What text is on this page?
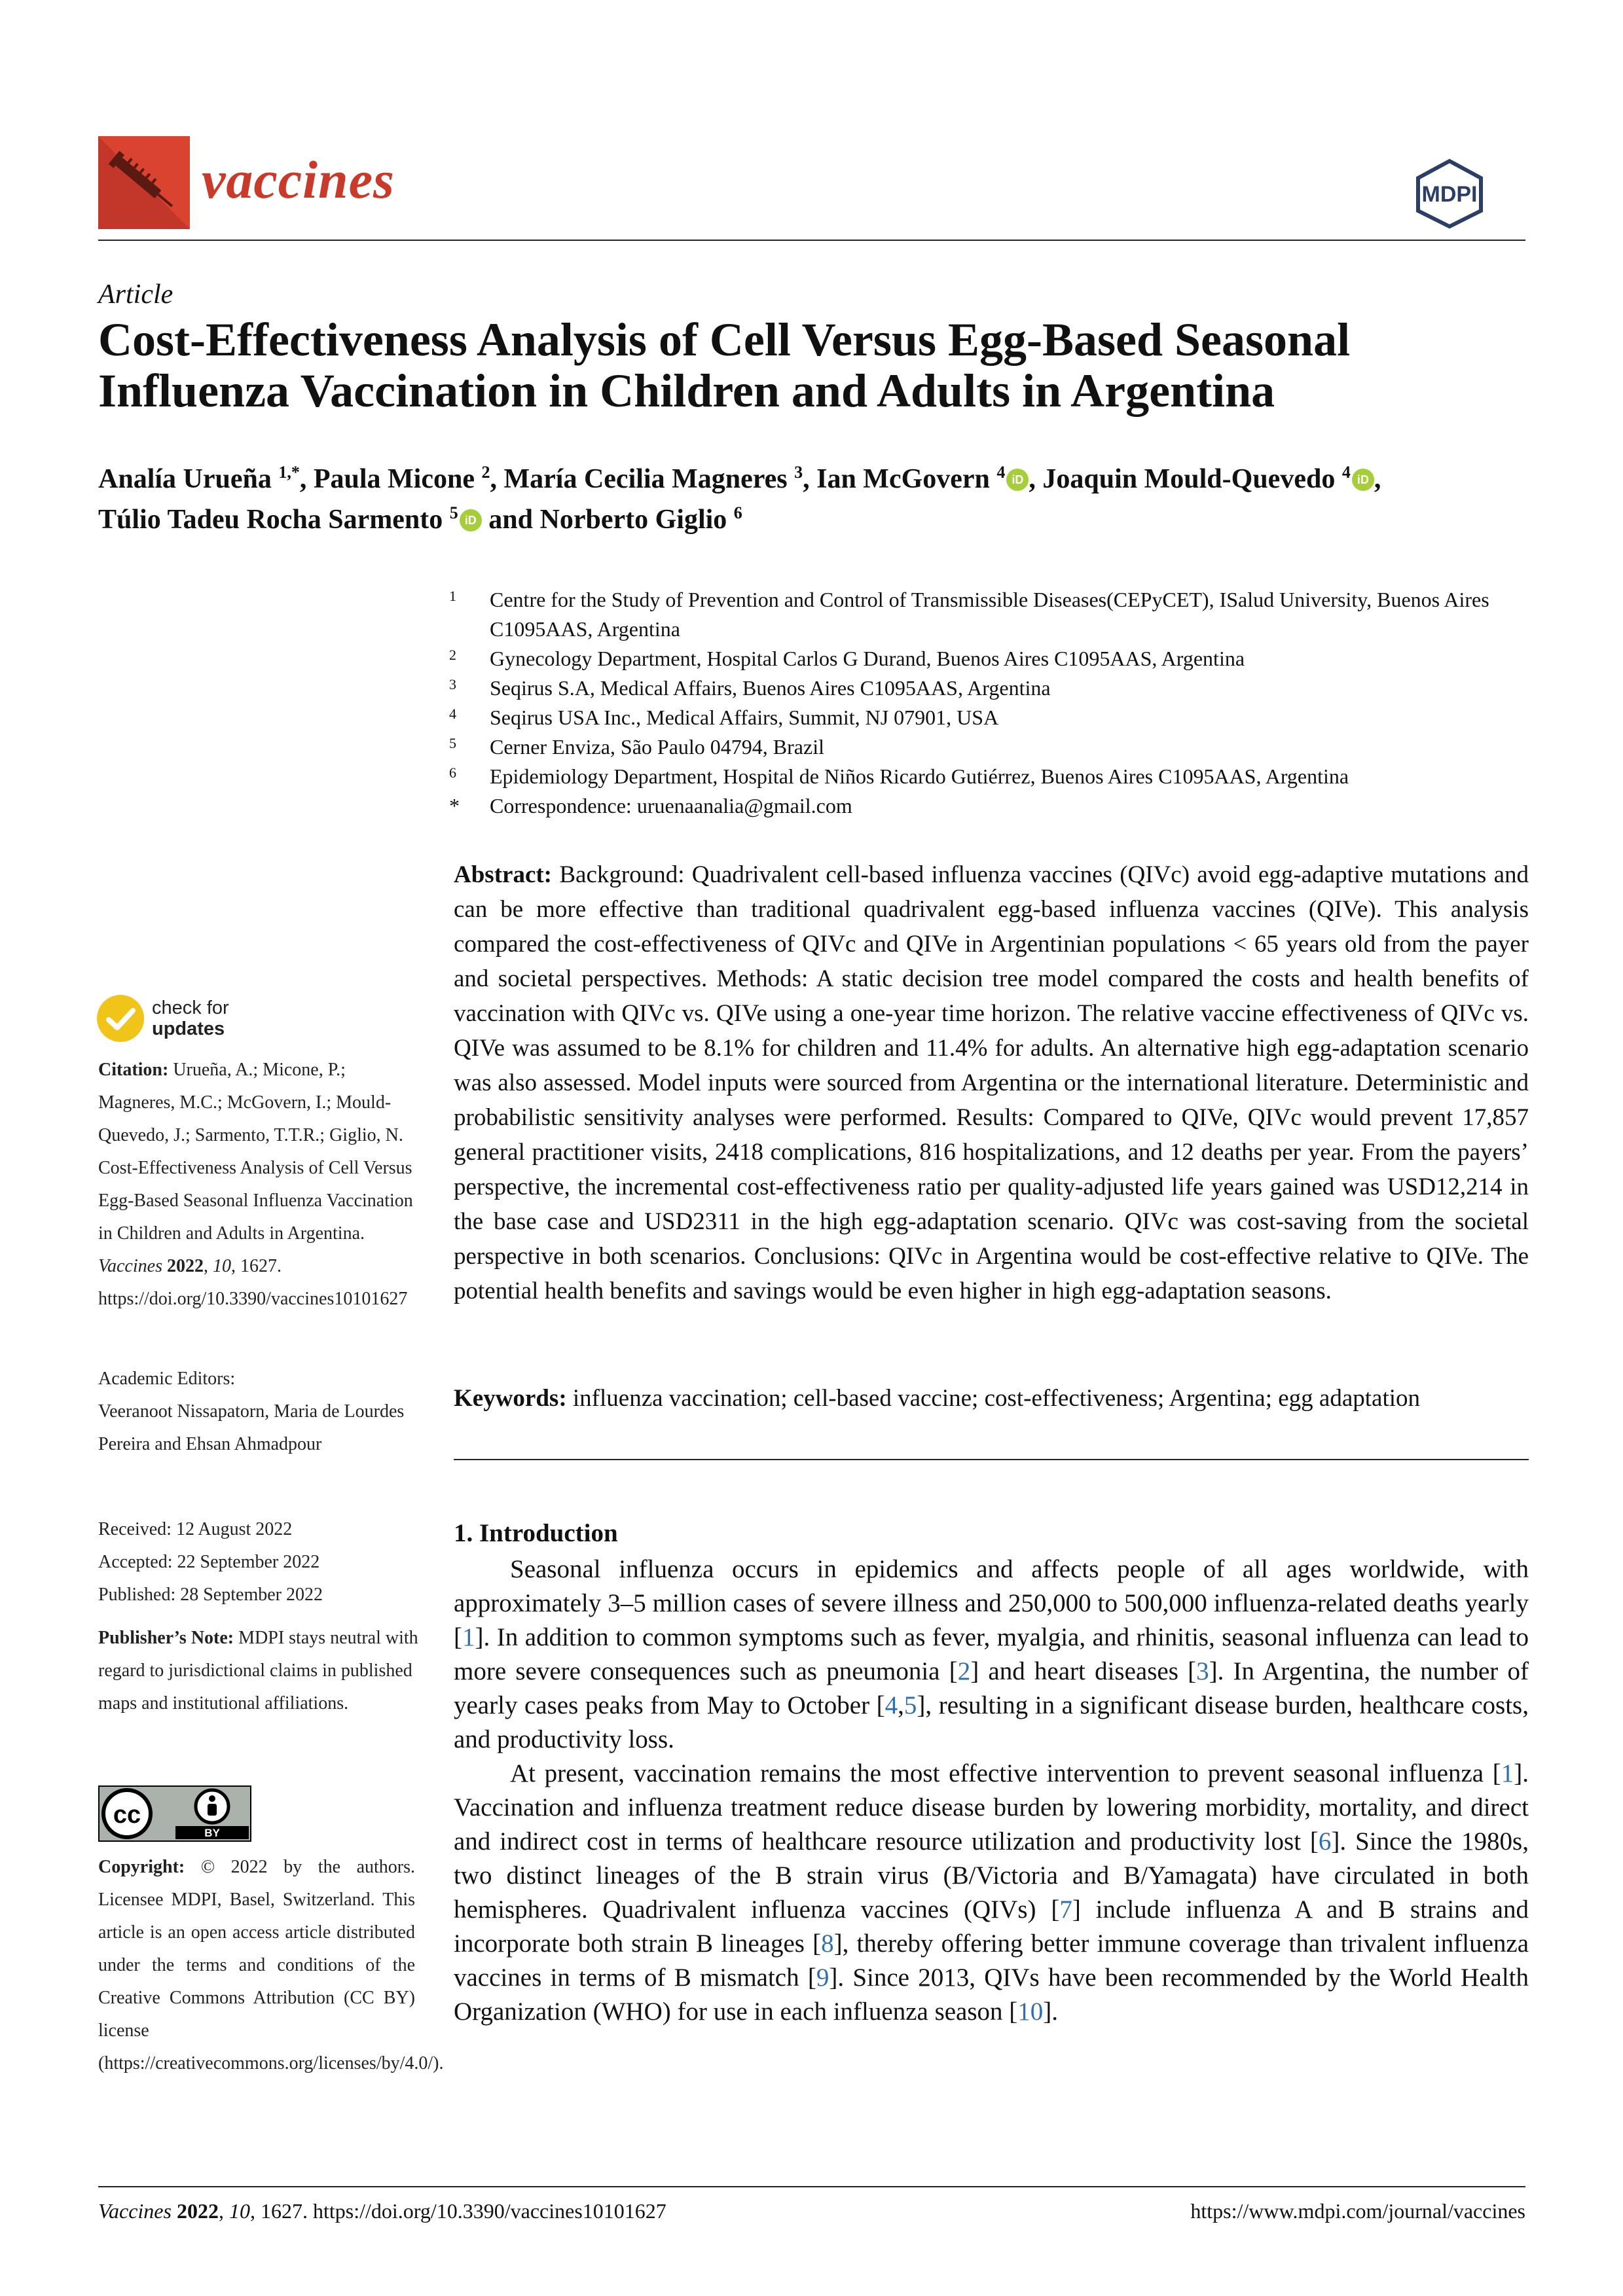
vaccines	MDPI
Article
Cost-Effectiveness Analysis of Cell Versus Egg-Based Seasonal Influenza Vaccination in Children and Adults in Argentina
Analía Urueña $^{1,*}$, Paula Micone $^2$, María Cecilia Magneres $^3$, Ian McGovern $^4$ iD , Joaquin Mould-Quevedo $^4$ iD ,
Túlio Tadeu Rocha Sarmento $^5$ iD and Norberto Giglio $^6$
1 Centre for the Study of Prevention and Control of Transmissible Diseases(CEPyCET), ISalud University, Buenos Aires C1095AAS, Argentina
2 Gynecology Department, Hospital Carlos G Durand, Buenos Aires C1095AAS, Argentina
3 Seqirus S.A, Medical Affairs, Buenos Aires C1095AAS, Argentina
4 Seqirus USA Inc., Medical Affairs, Summit, NJ 07901, USA
5 Cerner Enviza, São Paulo 04794, Brazil
6 Epidemiology Department, Hospital de Niños Ricardo Gutiérrez, Buenos Aires C1095AAS, Argentina
* Correspondence: uruenaanalia@gmail.com
Abstract: Background: Quadrivalent cell-based influenza vaccines (QIVc) avoid egg-adaptive mutations and can be more effective than traditional quadrivalent egg-based influenza vaccines (QIVe). This analysis compared the cost-effectiveness of QIVc and QIVe in Argentinian populations < 65 years old from the payer and societal perspectives. Methods: A static decision tree model compared the costs and health benefits of vaccination with QIVc vs. QIVe using a one-year time horizon. The relative vaccine effectiveness of QIVc vs. QIVe was assumed to be 8.1% for children and 11.4% for adults. An alternative high egg-adaptation scenario was also assessed. Model inputs were sourced from Argentina or the international literature. Deterministic and probabilistic sensitivity analyses were performed. Results: Compared to QIVe, QIVc would prevent 17,857 general practitioner visits, 2418 complications, 816 hospitalizations, and 12 deaths per year. From the payers’ perspective, the incremental cost-effectiveness ratio per quality-adjusted life years gained was USD12,214 in the base case and USD2311 in the high egg-adaptation scenario. QIVc was cost-saving from the societal perspective in both scenarios. Conclusions: QIVc in Argentina would be cost-effective relative to QIVe. The potential health benefits and savings would be even higher in high egg-adaptation seasons.
Keywords: influenza vaccination; cell-based vaccine; cost-effectiveness; Argentina; egg adaptation
1. Introduction

Seasonal influenza occurs in epidemics and affects people of all ages worldwide, with approximately 3–5 million cases of severe illness and 250,000 to 500,000 influenza-related deaths yearly [1]. In addition to common symptoms such as fever, myalgia, and rhinitis, seasonal influenza can lead to more severe consequences such as pneumonia [2] and heart diseases [3]. In Argentina, the number of yearly cases peaks from May to October [4,5], resulting in a significant disease burden, healthcare costs, and productivity loss.

At present, vaccination remains the most effective intervention to prevent seasonal influenza [1]. Vaccination and influenza treatment reduce disease burden by lowering morbidity, mortality, and direct and indirect cost in terms of healthcare resource utilization and productivity lost [6]. Since the 1980s, two distinct lineages of the B strain virus (B/Victoria and B/Yamagata) have circulated in both hemispheres. Quadrivalent influenza vaccines (QIVs) [7] include influenza A and B strains and incorporate both strain B lineages [8], thereby offering better immune coverage than trivalent influenza vaccines in terms of B mismatch [9]. Since 2013, QIVs have been recommended by the World Health Organization (WHO) for use in each influenza season [10].

check for
updates
Citation: Urueña, A.; Micone, P.; Magneres, M.C.; McGovern, I.; Mould-Quevedo, J.; Sarmento, T.T.R.; Giglio, N. Cost-Effectiveness Analysis of Cell Versus Egg-Based Seasonal Influenza Vaccination in Children and Adults in Argentina. Vaccines 2022, 10, 1627. https://doi.org/10.3390/vaccines10101627
Academic Editors:
Veeranoot Nissapatorn, Maria de Lourdes Pereira and Ehsan Ahmadpour
Received: 12 August 2022
Accepted: 22 September 2022
Published: 28 September 2022
Publisher’s Note: MDPI stays neutral with regard to jurisdictional claims in published maps and institutional affiliations.
cc
BY
Copyright: © 2022 by the authors. Licensee MDPI, Basel, Switzerland. This article is an open access article distributed under the terms and conditions of the Creative Commons Attribution (CC BY) license (https://creativecommons.org/licenses/by/4.0/).
Vaccines 2022, 10, 1627. https://doi.org/10.3390/vaccines10101627	https://www.mdpi.com/journal/vaccines
